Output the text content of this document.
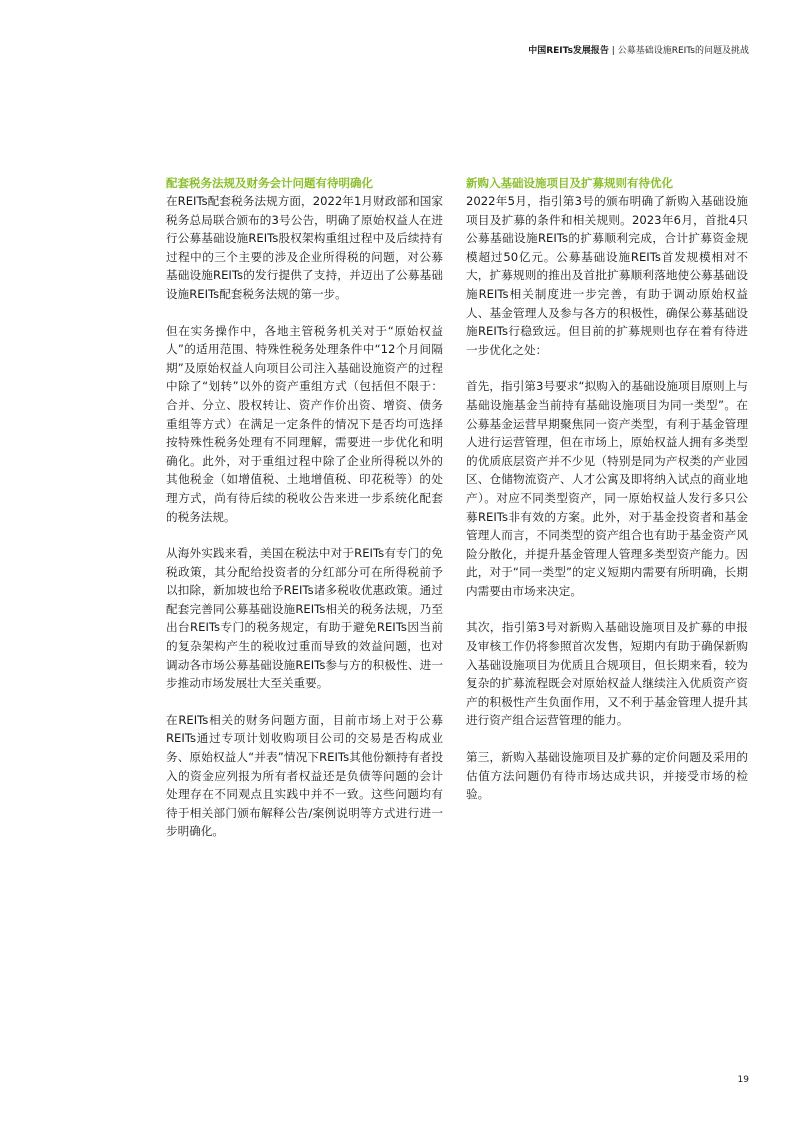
中国REITs发展报告 | 公募基础设施REITs的问题及挑战

配套税务法规及财务会计问题有待明确化

在REITs配套税务法规方面，2022年1月财政部和国家税务总局联合颁布的3号公告，明确了原始权益人在进行公募基础设施REITs股权架构重组过程中及后续持有过程中的三个主要的涉及企业所得税的问题，对公募基础设施REITs的发行提供了支持，并迈出了公募基础设施REITs配套税务法规的第一步。

但在实务操作中，各地主管税务机关对于“原始权益人”的适用范围、特殊性税务处理条件中“12个月间隔期”及原始权益人向项目公司注入基础设施资产的过程中除了“划转”以外的资产重组方式（包括但不限于：合并、分立、股权转让、资产作价出资、增资、债务重组等方式）在满足一定条件的情况下是否均可选择按特殊性税务处理有不同理解，需要进一步优化和明确化。此外，对于重组过程中除了企业所得税以外的其他税金（如增值税、土地增值税、印花税等）的处理方式，尚有待后续的税收公告来进一步系统化配套的税务法规。

从海外实践来看，美国在税法中对于REITs有专门的免税政策，其分配给投资者的分红部分可在所得税前予以扣除，新加坡也给予REITs诸多税收优惠政策。通过配套完善同公募基础设施REITs相关的税务法规，乃至出台REITs专门的税务规定，有助于避免REITs因当前的复杂架构产生的税收过重而导致的效益问题，也对调动各市场公募基础设施REITs参与方的积极性、进一步推动市场发展壮大至关重要。

在REITs相关的财务问题方面，目前市场上对于公募REITs通过专项计划收购项目公司的交易是否构成业务、原始权益人“并表”情况下REITs其他份额持有者投入的资金应列报为所有者权益还是负债等问题的会计处理存在不同观点且实践中并不一致。这些问题均有待于相关部门颁布解释公告/案例说明等方式进行进一步明确化。

新购入基础设施项目及扩募规则有待优化

2022年5月，指引第3号的颁布明确了新购入基础设施项目及扩募的条件和相关规则。2023年6月，首批4只公募基础设施REITs的扩募顺利完成，合计扩募资金规模超过50亿元。公募基础设施REITs首发规模相对不大，扩募规则的推出及首批扩募顺利落地使公募基础设施REITs相关制度进一步完善，有助于调动原始权益人、基金管理人及参与各方的积极性，确保公募基础设施REITs行稳致远。但目前的扩募规则也存在着有待进一步优化之处：

首先，指引第3号要求“拟购入的基础设施项目原则上与基础设施基金当前持有基础设施项目为同一类型”。在公募基金运营早期聚焦同一资产类型，有利于基金管理人进行运营管理，但在市场上，原始权益人拥有多类型的优质底层资产并不少见（特别是同为产权类的产业园区、仓储物流资产、人才公寓及即将纳入试点的商业地产）。对应不同类型资产，同一原始权益人发行多只公募REITs非有效的方案。此外，对于基金投资者和基金管理人而言，不同类型的资产组合也有助于基金资产风险分散化，并提升基金管理人管理多类型资产能力。因此，对于“同一类型”的定义短期内需要有所明确，长期内需要由市场来决定。

其次，指引第3号对新购入基础设施项目及扩募的申报及审核工作仍将参照首次发售，短期内有助于确保新购入基础设施项目为优质且合规项目，但长期来看，较为复杂的扩募流程既会对原始权益人继续注入优质资产资产的积极性产生负面作用，又不利于基金管理人提升其进行资产组合运营管理的能力。

第三，新购入基础设施项目及扩募的定价问题及采用的估值方法问题仍有待市场达成共识，并接受市场的检验。

19
